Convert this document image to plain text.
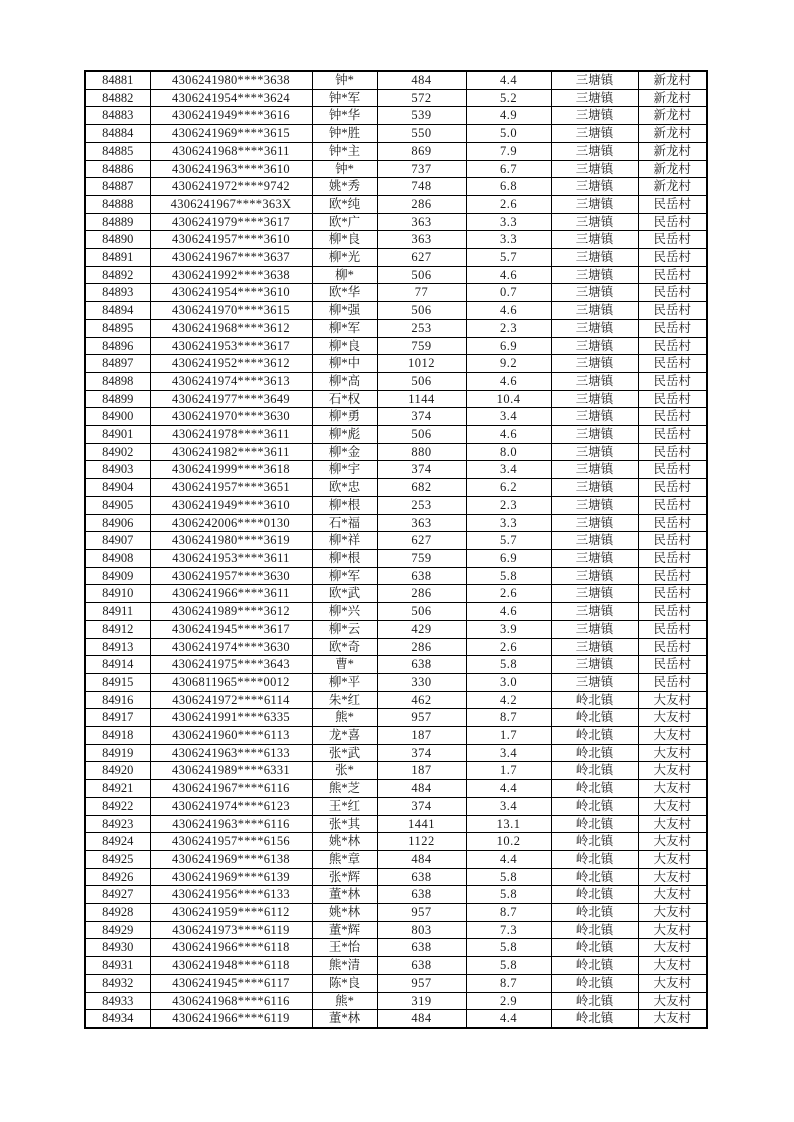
84881	4306241980****3638	钟*	484	4.4	三塘镇	新龙村
84882	4306241954****3624	钟*军	572	5.2	三塘镇	新龙村
84883	4306241949****3616	钟*华	539	4.9	三塘镇	新龙村
84884	4306241969****3615	钟*胜	550	5.0	三塘镇	新龙村
84885	4306241968****3611	钟*主	869	7.9	三塘镇	新龙村
84886	4306241963****3610	钟*	737	6.7	三塘镇	新龙村
84887	4306241972****9742	姚*秀	748	6.8	三塘镇	新龙村
84888	4306241967****363X	欧*纯	286	2.6	三塘镇	民岳村
84889	4306241979****3617	欧*广	363	3.3	三塘镇	民岳村
84890	4306241957****3610	柳*良	363	3.3	三塘镇	民岳村
84891	4306241967****3637	柳*光	627	5.7	三塘镇	民岳村
84892	4306241992****3638	柳*	506	4.6	三塘镇	民岳村
84893	4306241954****3610	欧*华	77	0.7	三塘镇	民岳村
84894	4306241970****3615	柳*强	506	4.6	三塘镇	民岳村
84895	4306241968****3612	柳*军	253	2.3	三塘镇	民岳村
84896	4306241953****3617	柳*良	759	6.9	三塘镇	民岳村
84897	4306241952****3612	柳*中	1012	9.2	三塘镇	民岳村
84898	4306241974****3613	柳*高	506	4.6	三塘镇	民岳村
84899	4306241977****3649	石*权	1144	10.4	三塘镇	民岳村
84900	4306241970****3630	柳*勇	374	3.4	三塘镇	民岳村
84901	4306241978****3611	柳*彪	506	4.6	三塘镇	民岳村
84902	4306241982****3611	柳*金	880	8.0	三塘镇	民岳村
84903	4306241999****3618	柳*宇	374	3.4	三塘镇	民岳村
84904	4306241957****3651	欧*忠	682	6.2	三塘镇	民岳村
84905	4306241949****3610	柳*根	253	2.3	三塘镇	民岳村
84906	4306242006****0130	石*福	363	3.3	三塘镇	民岳村
84907	4306241980****3619	柳*祥	627	5.7	三塘镇	民岳村
84908	4306241953****3611	柳*根	759	6.9	三塘镇	民岳村
84909	4306241957****3630	柳*军	638	5.8	三塘镇	民岳村
84910	4306241966****3611	欧*武	286	2.6	三塘镇	民岳村
84911	4306241989****3612	柳*兴	506	4.6	三塘镇	民岳村
84912	4306241945****3617	柳*云	429	3.9	三塘镇	民岳村
84913	4306241974****3630	欧*奇	286	2.6	三塘镇	民岳村
84914	4306241975****3643	曹*	638	5.8	三塘镇	民岳村
84915	4306811965****0012	柳*平	330	3.0	三塘镇	民岳村
84916	4306241972****6114	朱*红	462	4.2	岭北镇	大友村
84917	4306241991****6335	熊*	957	8.7	岭北镇	大友村
84918	4306241960****6113	龙*喜	187	1.7	岭北镇	大友村
84919	4306241963****6133	张*武	374	3.4	岭北镇	大友村
84920	4306241989****6331	张*	187	1.7	岭北镇	大友村
84921	4306241967****6116	熊*芝	484	4.4	岭北镇	大友村
84922	4306241974****6123	王*红	374	3.4	岭北镇	大友村
84923	4306241963****6116	张*其	1441	13.1	岭北镇	大友村
84924	4306241957****6156	姚*林	1122	10.2	岭北镇	大友村
84925	4306241969****6138	熊*章	484	4.4	岭北镇	大友村
84926	4306241969****6139	张*辉	638	5.8	岭北镇	大友村
84927	4306241956****6133	董*林	638	5.8	岭北镇	大友村
84928	4306241959****6112	姚*林	957	8.7	岭北镇	大友村
84929	4306241973****6119	董*辉	803	7.3	岭北镇	大友村
84930	4306241966****6118	王*怡	638	5.8	岭北镇	大友村
84931	4306241948****6118	熊*清	638	5.8	岭北镇	大友村
84932	4306241945****6117	陈*良	957	8.7	岭北镇	大友村
84933	4306241968****6116	熊*	319	2.9	岭北镇	大友村
84934	4306241966****6119	董*林	484	4.4	岭北镇	大友村
